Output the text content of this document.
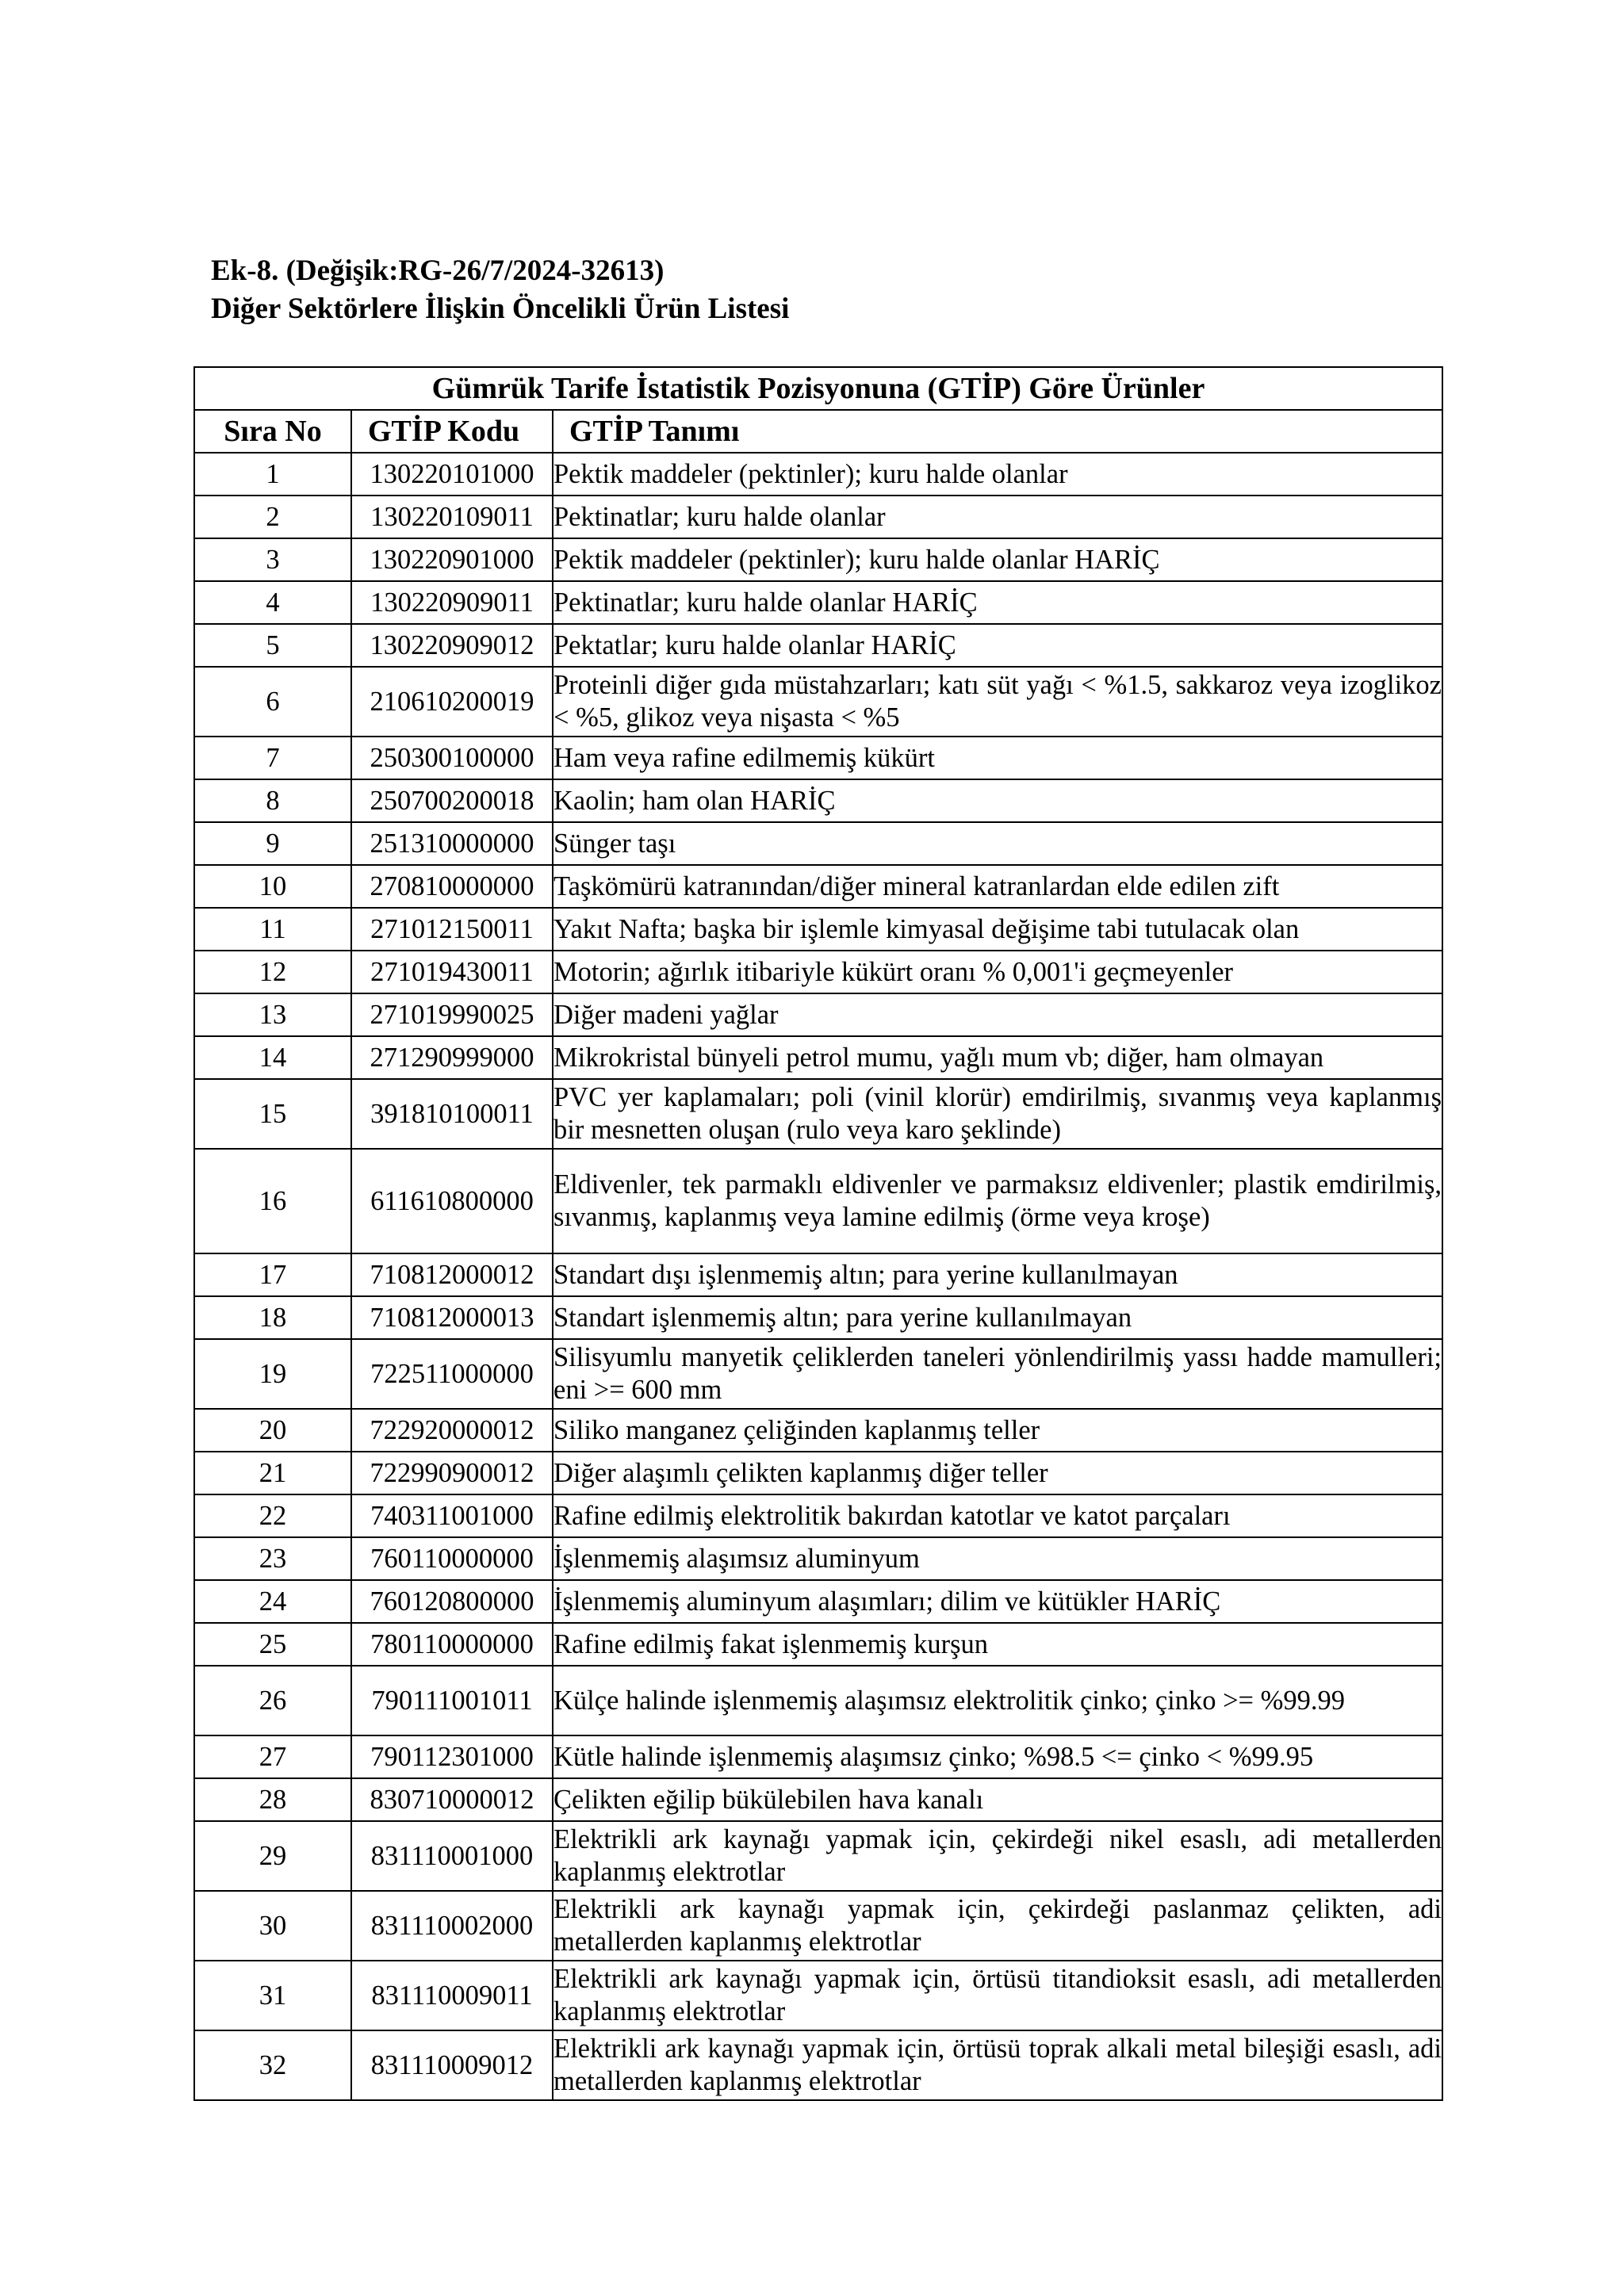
Ek-8. (Değişik:RG-26/7/2024-32613)
Diğer Sektörlere İlişkin Öncelikli Ürün Listesi
Gümrük Tarife İstatistik Pozisyonuna (GTİP) Göre Ürünler		
Sıra No	GTİP Kodu	GTİP Tanımı
1	130220101000	Pektik maddeler (pektinler); kuru halde olanlar
2	130220109011	Pektinatlar; kuru halde olanlar
3	130220901000	Pektik maddeler (pektinler); kuru halde olanlar HARİÇ
4	130220909011	Pektinatlar; kuru halde olanlar HARİÇ
5	130220909012	Pektatlar; kuru halde olanlar HARİÇ
6	210610200019	Proteinli diğer gıda müstahzarları; katı süt yağı < %1.5, sakkaroz veya izoglikoz < %5, glikoz veya nişasta < %5
7	250300100000	Ham veya rafine edilmemiş kükürt
8	250700200018	Kaolin; ham olan HARİÇ
9	251310000000	Sünger taşı
10	270810000000	Taşkömürü katranından/diğer mineral katranlardan elde edilen zift
11	271012150011	Yakıt Nafta; başka bir işlemle kimyasal değişime tabi tutulacak olan
12	271019430011	Motorin; ağırlık itibariyle kükürt oranı % 0,001'i geçmeyenler
13	271019990025	Diğer madeni yağlar
14	271290999000	Mikrokristal bünyeli petrol mumu, yağlı mum vb; diğer, ham olmayan
15	391810100011	PVC yer kaplamaları; poli (vinil klorür) emdirilmiş, sıvanmış veya kaplanmış bir mesnetten oluşan (rulo veya karo şeklinde)
16	611610800000	Eldivenler, tek parmaklı eldivenler ve parmaksız eldivenler; plastik emdirilmiş, sıvanmış, kaplanmış veya lamine edilmiş (örme veya kroşe)
17	710812000012	Standart dışı işlenmemiş altın; para yerine kullanılmayan
18	710812000013	Standart işlenmemiş altın; para yerine kullanılmayan
19	722511000000	Silisyumlu manyetik çeliklerden taneleri yönlendirilmiş yassı hadde mamulleri; eni >= 600 mm
20	722920000012	Siliko manganez çeliğinden kaplanmış teller
21	722990900012	Diğer alaşımlı çelikten kaplanmış diğer teller
22	740311001000	Rafine edilmiş elektrolitik bakırdan katotlar ve katot parçaları
23	760110000000	İşlenmemiş alaşımsız aluminyum
24	760120800000	İşlenmemiş aluminyum alaşımları; dilim ve kütükler HARİÇ
25	780110000000	Rafine edilmiş fakat işlenmemiş kurşun
26	790111001011	Külçe halinde işlenmemiş alaşımsız elektrolitik çinko; çinko >= %99.99
27	790112301000	Kütle halinde işlenmemiş alaşımsız çinko; %98.5 <= çinko < %99.95
28	830710000012	Çelikten eğilip bükülebilen hava kanalı
29	831110001000	Elektrikli ark kaynağı yapmak için, çekirdeği nikel esaslı, adi metallerden kaplanmış elektrotlar
30	831110002000	Elektrikli ark kaynağı yapmak için, çekirdeği paslanmaz çelikten, adi metallerden kaplanmış elektrotlar
31	831110009011	Elektrikli ark kaynağı yapmak için, örtüsü titandioksit esaslı, adi metallerden kaplanmış elektrotlar
32	831110009012	Elektrikli ark kaynağı yapmak için, örtüsü toprak alkali metal bileşiği esaslı, adi metallerden kaplanmış elektrotlar
